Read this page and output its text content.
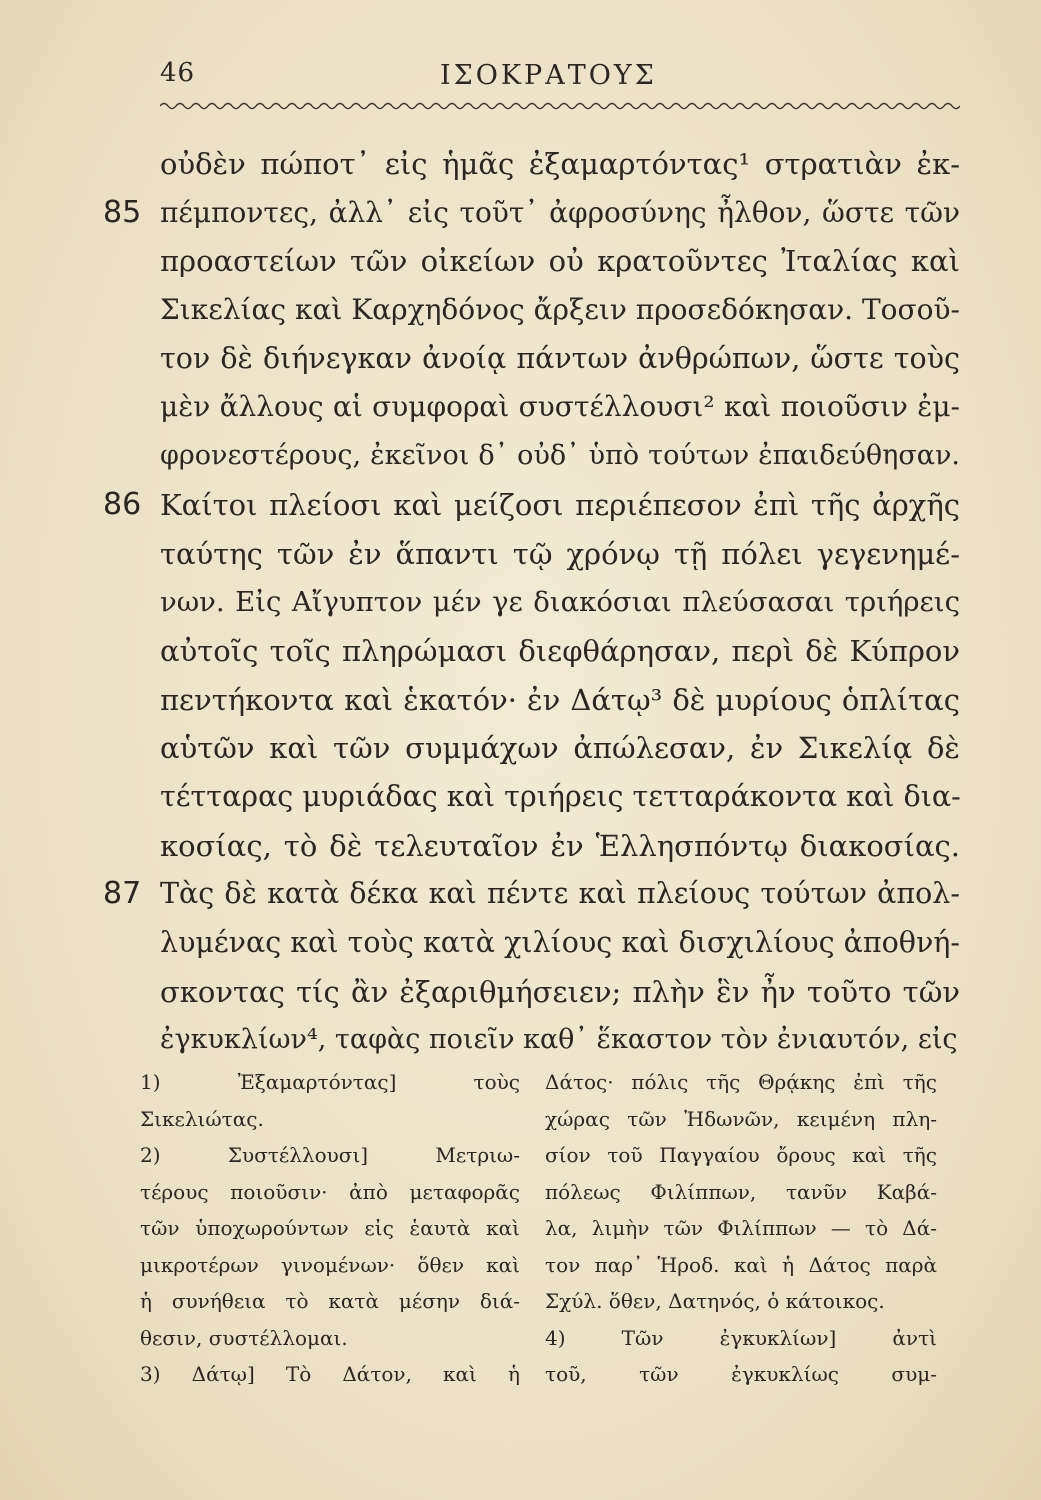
46	ΙΣΟΚΡΑΤΟΥΣ
οὐδὲν πώποτ᾽ εἰς ἡμᾶς ἐξαμαρτόντας¹ στρατιὰν ἐκ-
85 πέμποντες, ἀλλ᾽ εἰς τοῦτ᾽ ἀφροσύνης ἦλθον, ὥστε τῶν
προαστείων τῶν οἰκείων οὐ κρατοῦντες Ἰταλίας καὶ
Σικελίας καὶ Καρχηδόνος ἄρξειν προσεδόκησαν. Τοσοῦ-
τον δὲ διήνεγκαν ἀνοίᾳ πάντων ἀνθρώπων, ὥστε τοὺς
μὲν ἄλλους αἱ συμφοραὶ συστέλλουσι² καὶ ποιοῦσιν ἐμ-
φρονεστέρους, ἐκεῖνοι δ᾽ οὐδ᾽ ὑπὸ τούτων ἐπαιδεύθησαν.
86 Καίτοι πλείοσι καὶ μείζοσι περιέπεσον ἐπὶ τῆς ἀρχῆς
ταύτης τῶν ἐν ἅπαντι τῷ χρόνῳ τῇ πόλει γεγενημέ-
νων. Εἰς Αἴγυπτον μέν γε διακόσιαι πλεύσασαι τριήρεις
αὐτοῖς τοῖς πληρώμασι διεφθάρησαν, περὶ δὲ Κύπρον
πεντήκοντα καὶ ἑκατόν· ἐν Δάτῳ³ δὲ μυρίους ὁπλίτας
αὑτῶν καὶ τῶν συμμάχων ἀπώλεσαν, ἐν Σικελίᾳ δὲ
τέτταρας μυριάδας καὶ τριήρεις τετταράκοντα καὶ δια-
κοσίας, τὸ δὲ τελευταῖον ἐν Ἑλλησπόντῳ διακοσίας.
87 Τὰς δὲ κατὰ δέκα καὶ πέντε καὶ πλείους τούτων ἀπολ-
λυμένας καὶ τοὺς κατὰ χιλίους καὶ δισχιλίους ἀποθνή-
σκοντας τίς ἂν ἐξαριθμήσειεν; πλὴν ἓν ἦν τοῦτο τῶν
ἐγκυκλίων⁴, ταφὰς ποιεῖν καθ᾽ ἕκαστον τὸν ἐνιαυτόν, εἰς
1) Ἐξαμαρτόντας] τοὺς
Σικελιώτας.
2) Συστέλλουσι] Μετριω-
τέρους ποιοῦσιν· ἀπὸ μεταφορᾶς
τῶν ὑποχωρούντων εἰς ἑαυτὰ καὶ
μικροτέρων γινομένων· ὅθεν καὶ
ἡ συνήθεια τὸ κατὰ μέσην διά-
θεσιν, συστέλλομαι.
3) Δάτῳ] Τὸ Δάτον, καὶ ἡ
Δάτος· πόλις τῆς Θρᾴκης ἐπὶ τῆς
χώρας τῶν Ἠδωνῶν, κειμένη πλη-
σίον τοῦ Παγγαίου ὄρους καὶ τῆς
πόλεως Φιλίππων, τανῦν Καβά-
λα, λιμὴν τῶν Φιλίππων — τὸ Δά-
τον παρ᾽ Ἡροδ. καὶ ἡ Δάτος παρὰ
Σχύλ. ὅθεν, Δατηνός, ὁ κάτοικος.
4) Τῶν ἐγκυκλίων] ἀντὶ
τοῦ, τῶν ἐγκυκλίως συμ-
